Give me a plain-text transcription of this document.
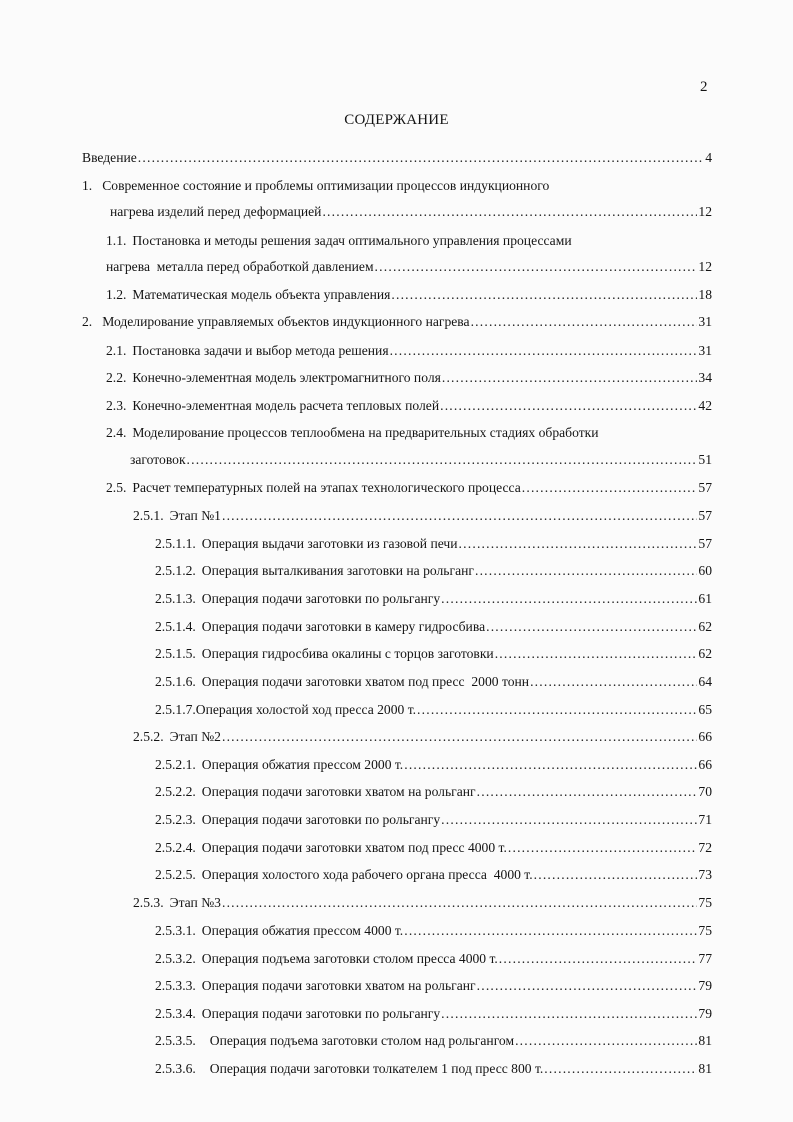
2
СОДЕРЖАНИЕ
Введение .....	4
1. Современное состояние и проблемы оптимизации процессов индукционного
нагрева изделий перед деформацией .....	12
1.1. Постановка и методы решения задач оптимального управления процессами
нагрева  металла перед обработкой давлением .....	12
1.2. Математическая модель объекта управления .....	18
2. Моделирование управляемых объектов индукционного нагрева .....	31
2.1. Постановка задачи и выбор метода решения .....	31
2.2. Конечно-элементная модель электромагнитного поля .....	34
2.3. Конечно-элементная модель расчета тепловых полей .....	42
2.4. Моделирование процессов теплообмена на предварительных стадиях обработки
заготовок .....	51
2.5. Расчет температурных полей на этапах технологического процесса .....	57
2.5.1. Этап №1 .....	57
2.5.1.1. Операция выдачи заготовки из газовой печи .....	57
2.5.1.2. Операция выталкивания заготовки на рольганг .....	60
2.5.1.3. Операция подачи заготовки по рольгангу .....	61
2.5.1.4. Операция подачи заготовки в камеру гидросбива .....	62
2.5.1.5. Операция гидросбива окалины с торцов заготовки .....	62
2.5.1.6. Операция подачи заготовки хватом под пресс  2000 тонн .....	64
2.5.1.7. Операция холостой ход пресса 2000 т. .....	65
2.5.2. Этап №2 .....	66
2.5.2.1. Операция обжатия прессом 2000 т. .....	66
2.5.2.2. Операция подачи заготовки хватом на рольганг .....	70
2.5.2.3. Операция подачи заготовки по рольгангу .....	71
2.5.2.4. Операция подачи заготовки хватом под пресс 4000 т. .....	72
2.5.2.5. Операция холостого хода рабочего органа пресса  4000 т. .....	73
2.5.3. Этап №3 .....	75
2.5.3.1. Операция обжатия прессом 4000 т. .....	75
2.5.3.2. Операция подъема заготовки столом пресса 4000 т. .....	77
2.5.3.3. Операция подачи заготовки хватом на рольганг .....	79
2.5.3.4. Операция подачи заготовки по рольгангу .....	79
2.5.3.5. Операция подъема заготовки столом над рольгангом .....	81
2.5.3.6. Операция подачи заготовки толкателем 1 под пресс 800 т. .....	81
